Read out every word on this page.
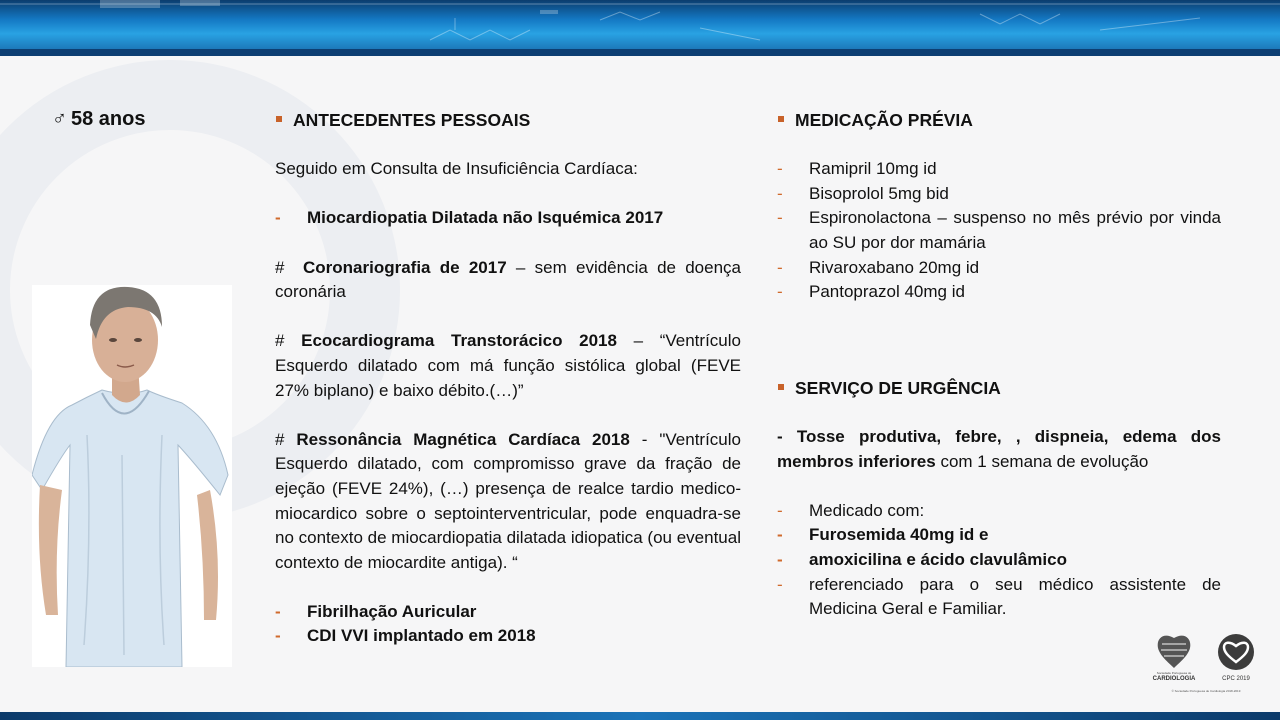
♂ 58 anos	ANTECEDENTES PESSOAIS
Seguido em Consulta de Insuficiência Cardíaca:
- Miocardiopatia Dilatada não Isquémica 2017
# Coronariografia de 2017 – sem evidência de doença coronária
# Ecocardiograma Transtorácico 2018 – “Ventrículo Esquerdo dilatado com má função sistólica global (FEVE 27% biplano) e baixo débito.(…)”
# Ressonância Magnética Cardíaca 2018 - "Ventrículo Esquerdo dilatado, com compromisso grave da fração de ejeção (FEVE 24%), (…) presença de realce tardio medico-miocardico sobre o septointerventricular, pode enquadra-se no contexto de miocardiopatia dilatada idiopatica (ou eventual contexto de miocardite antiga). “
- Fibrilhação Auricular
- CDI VVI implantado em 2018
MEDICAÇÃO PRÉVIA
- Ramipril 10mg id
- Bisoprolol 5mg bid
- Espironolactona – suspenso no mês prévio por vinda ao SU por dor mamária
- Rivaroxabano 20mg id
- Pantoprazol 40mg id
SERVIÇO DE URGÊNCIA
- Tosse produtiva, febre, , dispneia, edema dos membros inferiores com 1 semana de evolução
- Medicado com:
- Furosemida 40mg id e
- amoxicilina e ácido clavulâmico
- referenciado para o seu médico assistente de Medicina Geral e Familiar.
Sociedade Portuguesa de
CARDIOLOGIA	CPC 2019
© Sociedade Portuguesa de Cardiologia 2018-2019
